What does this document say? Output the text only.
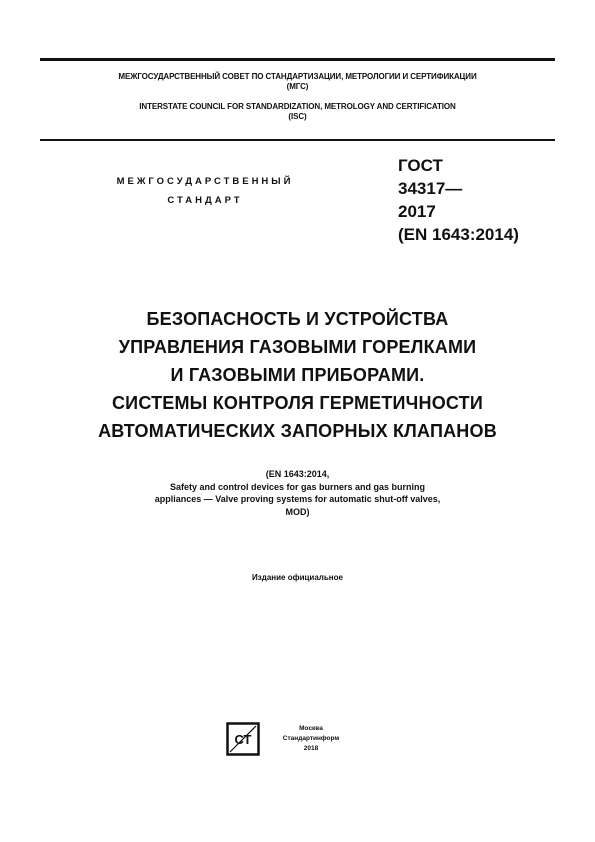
МЕЖГОСУДАРСТВЕННЫЙ СОВЕТ ПО СТАНДАРТИЗАЦИИ, МЕТРОЛОГИИ И СЕРТИФИКАЦИИ
(МГС)
INTERSTATE COUNCIL FOR STANDARDIZATION, METROLOGY AND CERTIFICATION
(ISC)
МЕЖГОСУДАРСТВЕННЫЙ
СТАНДАРТ
ГОСТ
34317—
2017
(EN 1643:2014)
БЕЗОПАСНОСТЬ И УСТРОЙСТВА
УПРАВЛЕНИЯ ГАЗОВЫМИ ГОРЕЛКАМИ
И ГАЗОВЫМИ ПРИБОРАМИ.
СИСТЕМЫ КОНТРОЛЯ ГЕРМЕТИЧНОСТИ
АВТОМАТИЧЕСКИХ ЗАПОРНЫХ КЛАПАНОВ
(EN 1643:2014,
Safety and control devices for gas burners and gas burning
appliances — Valve proving systems for automatic shut-off valves,
MOD)
Издание официальное
СТ
Москва
Стандартинформ
2018
